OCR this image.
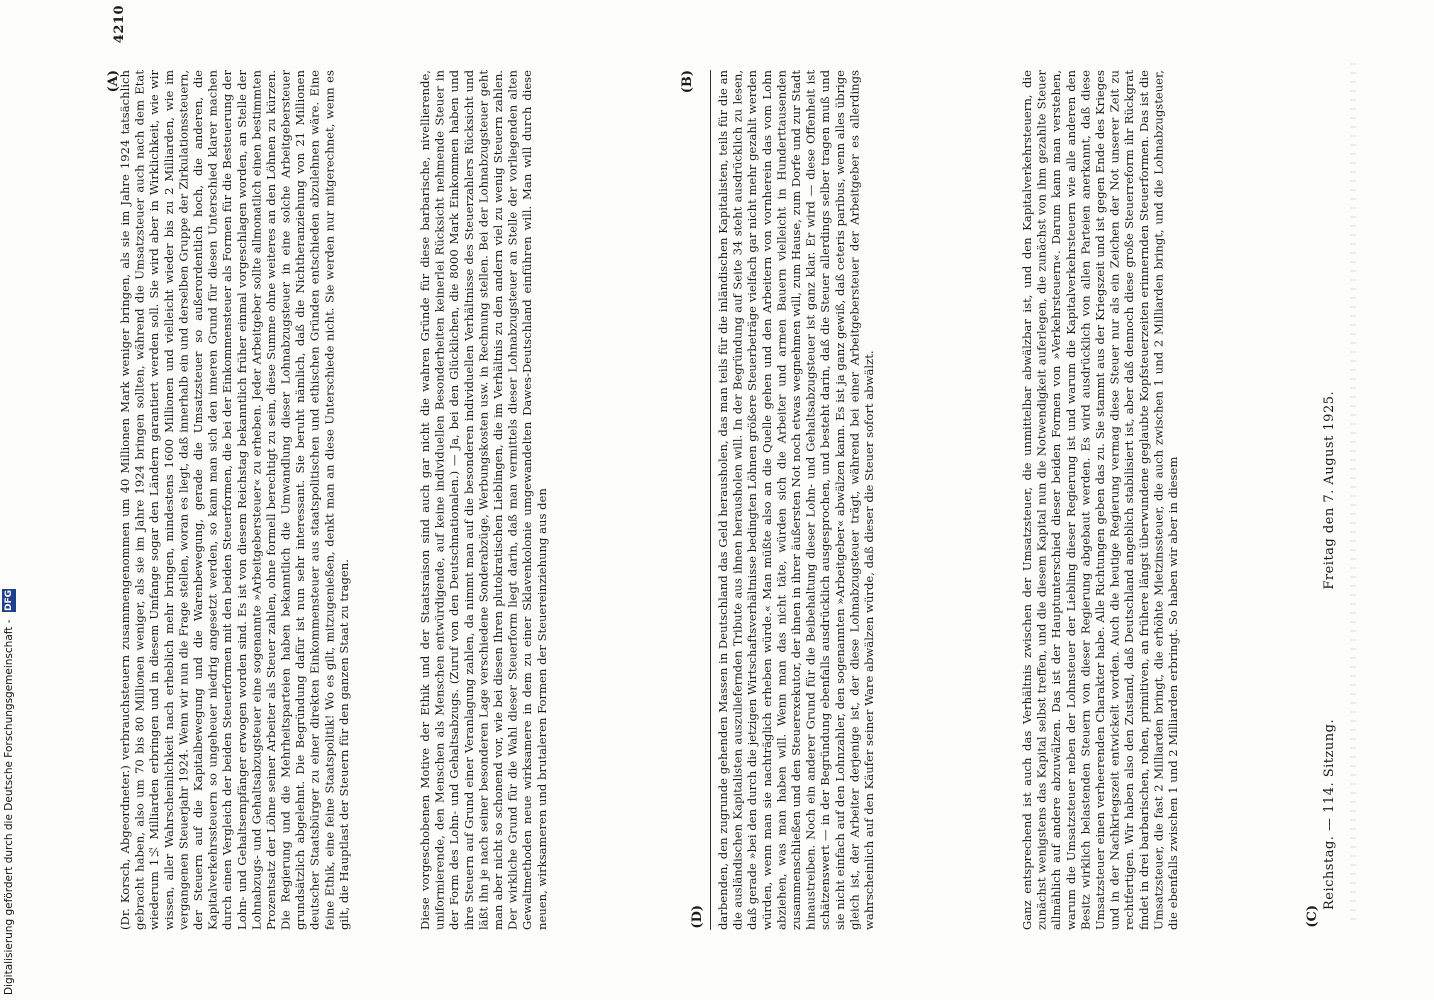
4210
(Dr. Korsch, Abgeordneter.) verbrauchsteuern zusammengenommen um 40 Millionen Mark weniger bringen, als sie im Jahre 1924 tatsächlich gebracht haben, also um 70 bis 80 Millionen weniger, als sie im Jahre 1924 bringen sollten, während die Umsatzsteuer auch nach dem Etat wiederum 1½ Milliarden erbringen und in diesem Umfange sogar den Ländern garantiert werden soll. Sie wird aber in Wirklichkeit, wie wir wissen, aller Wahrscheinlichkeit nach erheblich mehr bringen, mindestens 1600 Millionen und vielleicht wieder bis zu 2 Milliarden, wie im vergangenen Steuerjahr 1924. Wenn wir nun die Frage stellen, woran es liegt, daß innerhalb ein und derselben Gruppe der Zirkulationssteuern, der Steuern auf die Kapitalbewegung und die Warenbewegung, gerade die Umsatzsteuer so außerordentlich hoch, die anderen, die Kapitalverkehrssteuern so ungeheuer niedrig angesetzt werden, so kann man sich den inneren Grund für diesen Unterschied klarer machen durch einen Vergleich der beiden Steuerformen mit den beiden Steuerformen, die bei der Einkommensteuer als Formen für die Besteuerung der Lohn- und Gehaltsempfänger erwogen worden sind. Es ist von diesem Reichstag bekanntlich früher einmal vorgeschlagen worden, an Stelle der Lohnabzugs- und Gehaltsabzugsteuer eine sogenannte »Arbeitgebersteuer« zu erheben. Jeder Arbeitgeber sollte allmonatlich einen bestimmten Prozentsatz der Löhne seiner Arbeiter als Steuer zahlen, ohne formell berechtigt zu sein, diese Summe ohne weiteres an den Löhnen zu kürzen. Die Regierung und die Mehrheitsparteien haben bekanntlich die Umwandlung dieser Lohnabzugsteuer in eine solche Arbeitgebersteuer grundsätzlich abgelehnt. Die Begründung dafür ist nun sehr interessant. Sie beruht nämlich, daß die Nichtheranziehung von 21 Millionen deutscher Staatsbürger zu einer direkten Einkommensteuer aus staatspolitischen und ethischen Gründen entschieden abzulehnen wäre. Eine feine Ethik, eine feine Staatspolitik! Wo es gilt, mitzugenießen, denkt man an diese Unterschiede nicht. Sie werden nur mitgerechnet, wenn es gilt, die Hauptlast der Steuern für den ganzen Staat zu tragen.	Diese vorgeschobenen Motive der Ethik und der Staatsraison sind auch gar nicht die wahren Gründe für diese barbarische, nivellierende, uniformierende, den Menschen als Menschen entwürdigende, auf keine individuellen Besonderheiten keinerlei Rücksicht nehmende Steuer in der Form des Lohn- und Gehaltsabzugs. (Zuruf von den Deutschnationalen.) — Ja, bei den Glücklichen, die 8000 Mark Einkommen haben und ihre Steuern auf Grund einer Veranlagung zahlen, da nimmt man auf die besonderen individuellen Verhältnisse des Steuerzahlers Rücksicht und läßt ihn je nach seiner besonderen Lage verschiedene Sonderabzüge, Werbungskosten usw. in Rechnung stellen. Bei der Lohnabzugsteuer geht man aber nicht so schonend vor, wie bei diesen Ihren plutokratischen Lieblingen, die im Verhältnis zu den andern viel zu wenig Steuern zahlen. Der wirkliche Grund für die Wahl dieser Steuerform liegt darin, daß man vermittels dieser Lohnabzugsteuer an Stelle der vorliegenden alten Gewaltmethoden neue wirksamere in dem zu einer Sklavenkolonie umgewandelten Dawes-Deutschland einführen will. Man will durch diese neuen, wirksameren und brutaleren Formen der Steuereinziehung aus den	darbenden, den zugrunde gehenden Massen in Deutschland das Geld herausholen, das man teils für die inländischen Kapitalisten, teils für die an die ausländischen Kapitalisten auszuliefernden Tribute aus ihnen herausholen will. In der Begründung auf Seite 34 steht ausdrücklich zu lesen, daß gerade »bei den durch die jetzigen Wirtschaftsverhältnisse bedingten Löhnen größere Steuerbeträge vielfach gar nicht mehr gezahlt werden würden, wenn man sie nachträglich erheben würde.« Man müßte also an die Quelle gehen und den Arbeitern von vornherein das vom Lohn abziehen, was man haben will. Wenn man das nicht täte, würden sich die Arbeiter und armen Bauern vielleicht in Hunderttausenden zusammenschließen und den Steuerexekutor, der ihnen in ihrer äußersten Not noch etwas wegnehmen will, zum Hause, zum Dorfe und zur Stadt hinaustreiben. Noch ein anderer Grund für die Beibehaltung dieser Lohn- und Gehaltsabzugsteuer ist ganz klar. Er wird — diese Offenheit ist schätzenswert — in der Begründung ebenfalls ausdrücklich ausgesprochen, und besteht darin, daß die Steuer allerdings selber tragen muß und sie nicht einfach auf den Lohnzahler, den sogenannten »Arbeitgeber« abwälzen kann. Es ist ja ganz gewiß, daß ceteris paribus, wenn alles übrige gleich ist, der Arbeiter derjenige ist, der diese Lohnabzugsteuer trägt, während bei einer Arbeitgebersteuer der Arbeitgeber es allerdings wahrscheinlich auf den Käufer seiner Ware abwälzen würde, daß dieser die Steuer sofort abwälzt.	Ganz entsprechend ist auch das Verhältnis zwischen der Umsatzsteuer, die unmittelbar abwälzbar ist, und den Kapitalverkehrsteuern, die zunächst wenigstens das Kapital selbst treffen, und die diesem Kapital nun die Notwendigkeit auferlegen, die zunächst von ihm gezahlte Steuer allmählich auf andere abzuwälzen. Das ist der Hauptunterschied dieser beiden Formen von »Verkehrsteuern«. Darum kann man verstehen, warum die Umsatzsteuer neben der Lohnsteuer der Liebling dieser Regierung ist und warum die Kapitalverkehrsteuern wie alle anderen den Besitz wirklich belastenden Steuern von dieser Regierung abgebaut werden. Es wird ausdrücklich von allen Parteien anerkannt, daß diese Umsatzsteuer einen verheerenden Charakter habe. Alle Richtungen geben das zu. Sie stammt aus der Kriegszeit und ist gegen Ende des Krieges und in der Nachkriegszeit entwickelt worden. Auch die heutige Regierung vermag diese Steuer nur als ein Zeichen der Not unserer Zeit zu rechtfertigen. Wir haben also den Zustand, daß Deutschland angeblich stabilisiert ist, aber daß dennoch diese große Steuerreform ihr Rückgrat findet in drei barbarischen, rohen, primitiven, an frühere längst überwundene geglaubte Kopfsteuerzeiten erinnernden Steuerformen. Das ist die Umsatzsteuer, die fast 2 Milliarden bringt, die erhöhte Mietzinssteuer, die auch zwischen 1 und 2 Milliarden bringt, und die Lohnabzugsteuer, die ebenfalls zwischen 1 und 2 Milliarden erbringt. So haben wir aber in diesem	Reichstag. — 114. Sitzung.  Freitag den 7. August 1925.
(A)	(B)
(C)
(D)
Digitalisierung gefördert durch die Deutsche Forschungsgemeinschaft - DFG
